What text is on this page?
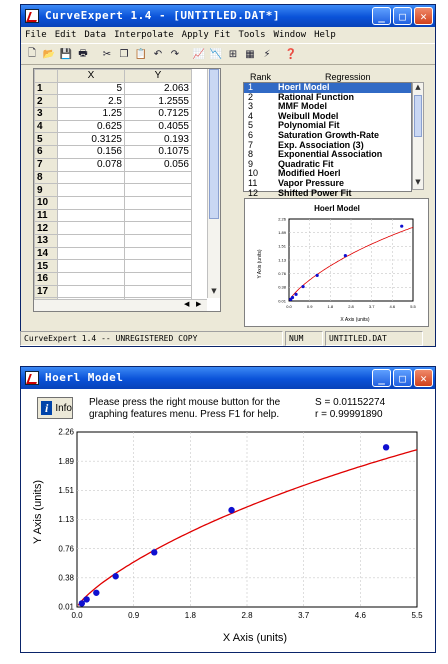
CurveExpert 1.4 - [UNTITLED.DAT*]	_ □ ✕
File Edit Data Interpolate Apply Fit Tools Window Help
🗋 📂 💾 🖶	✂ ❐ 📋 ↶ ↷	📈 📉 ⊞ ▦ ⚡	❓
	X	Y
1	5	2.063
2	2.5	1.2555
3	1.25	0.7125
4	0.625	0.4055
5	0.3125	0.193
6	0.156	0.1075
7	0.078	0.056
8		
9		
10		
11		
12		
13		
14		
15		
16		
17		
			▼
◀ ▶
Rank	Regression
1	Hoerl Model
2	Rational Function
3	MMF Model
4	Weibull Model
5	Polynomial Fit
6	Saturation Growth-Rate
7	Exp. Association (3)
8	Exponential Association
9	Quadratic Fit
10	Modified Hoerl
11	Vapor Pressure
12	Shifted Power Fit
▲
▼
Hoerl Model
0.0
0.01
0.9
0.38
1.8
0.76
2.8
1.13
3.7
1.51
4.6
1.89
5.5
2.26
X Axis (units)
Y Axis (units)
CurveExpert 1.4 -- UNREGISTERED COPY	NUM	UNTITLED.DAT
Hoerl Model	_ □ ✕
i Info Please press the right mouse button for the
graphing features menu. Press F1 for help.
S = 0.01152274
r = 0.99991890
0.0	0.9	1.8	2.8	3.7	4.6	5.5
0.01
0.38
0.76
1.13
1.51
1.89
2.26
X Axis (units)
Y Axis (units)
